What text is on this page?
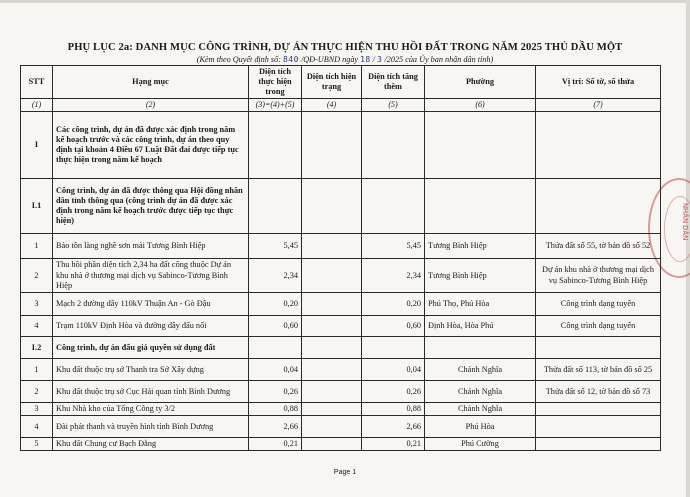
NHÂN DÂN
PHỤ LỤC 2a: DANH MỤC CÔNG TRÌNH, DỰ ÁN THỰC HIỆN THU HỒI ĐẤT TRONG NĂM 2025 THỦ DẦU MỘT
(Kèm theo Quyết định số: 840 /QĐ-UBND ngày 18 / 3 /2025 của Ủy ban nhân dân tỉnh)
STT	Hạng mục	Diện tích thực hiện trong	Diện tích hiện trạng	Diện tích tăng thêm	Phường	Vị trí: Số tờ, số thửa
(1)	(2)	(3)=(4)+(5)	(4)	(5)	(6)	(7)
I	Các công trình, dự án đã được xác định trong năm kế hoạch trước và các công trình, dự án theo quy định tại khoản 4 Điều 67 Luật Đất đai được tiếp tục thực hiện trong năm kế hoạch					
I.1	Công trình, dự án đã được thông qua Hội đồng nhân dân tỉnh thông qua (công trình dự án đã được xác định trong năm kế hoạch trước được tiếp tục thực hiện)					
1	Bảo tồn làng nghề sơn mài Tương Bình Hiệp	5,45		5,45	Tương Bình Hiệp	Thửa đất số 55, tờ bản đồ số 52
2	Thu hồi phần diện tích 2,34 ha đất công thuộc Dự án khu nhà ở thương mại dịch vụ Sabinco-Tương Bình Hiệp	2,34		2,34	Tương Bình Hiệp	Dự án khu nhà ở thương mại dịch vụ Sabinco-Tương Bình Hiệp
3	Mạch 2 đường dây 110kV Thuận An - Gò Đậu	0,20		0,20	Phú Thọ, Phú Hòa	Công trình dạng tuyến
4	Trạm 110kV Định Hòa và đường dây đấu nối	0,60		0,60	Định Hòa, Hòa Phú	Công trình dạng tuyến
I.2	Công trình, dự án đấu giá quyền sử dụng đất					
1	Khu đất thuộc trụ sở Thanh tra Sở Xây dựng	0,04		0,04	Chánh Nghĩa	Thửa đất số 113, tờ bản đồ số 25
2	Khu đất thuộc trụ sở Cục Hải quan tỉnh Bình Dương	0,26		0,26	Chánh Nghĩa	Thửa đất số 12, tờ bản đồ số 73
3	Khu Nhà kho của Tổng Công ty 3/2	0,88		0,88	Chánh Nghĩa	
4	Đài phát thanh và truyền hình tỉnh Bình Dương	2,66		2,66	Phú Hòa	
5	Khu đất Chung cư Bạch Đằng	0,21		0,21	Phú Cường	
Page 1
